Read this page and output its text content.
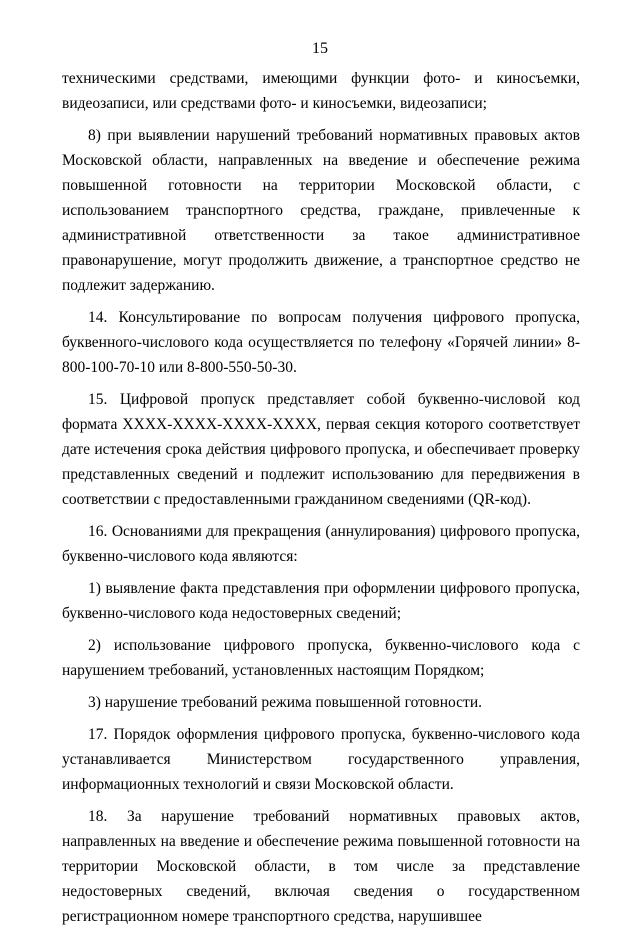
15

техническими средствами, имеющими функции фото- и киносъемки, видеозаписи, или средствами фото- и киносъемки, видеозаписи;

8) при выявлении нарушений требований нормативных правовых актов Московской области, направленных на введение и обеспечение режима повышенной готовности на территории Московской области, с использованием транспортного средства, граждане, привлеченные к административной ответственности за такое административное правонарушение, могут продолжить движение, а транспортное средство не подлежит задержанию.

14. Консультирование по вопросам получения цифрового пропуска, буквенного-числового кода осуществляется по телефону «Горячей линии» 8-800-100-70-10 или 8-800-550-50-30.

15. Цифровой пропуск представляет собой буквенно-числовой код формата XXXX-XXXX-XXXX-XXXX, первая секция которого соответствует дате истечения срока действия цифрового пропуска, и обеспечивает проверку представленных сведений и подлежит использованию для передвижения в соответствии с предоставленными гражданином сведениями (QR-код).

16. Основаниями для прекращения (аннулирования) цифрового пропуска, буквенно-числового кода являются:

1) выявление факта представления при оформлении цифрового пропуска, буквенно-числового кода недостоверных сведений;

2) использование цифрового пропуска, буквенно-числового кода с нарушением требований, установленных настоящим Порядком;

3) нарушение требований режима повышенной готовности.

17. Порядок оформления цифрового пропуска, буквенно-числового кода устанавливается Министерством государственного управления, информационных технологий и связи Московской области.

18. За нарушение требований нормативных правовых актов, направленных на введение и обеспечение режима повышенной готовности на территории Московской области, в том числе за представление недостоверных сведений, включая сведения о государственном регистрационном номере транспортного средства, нарушившее
